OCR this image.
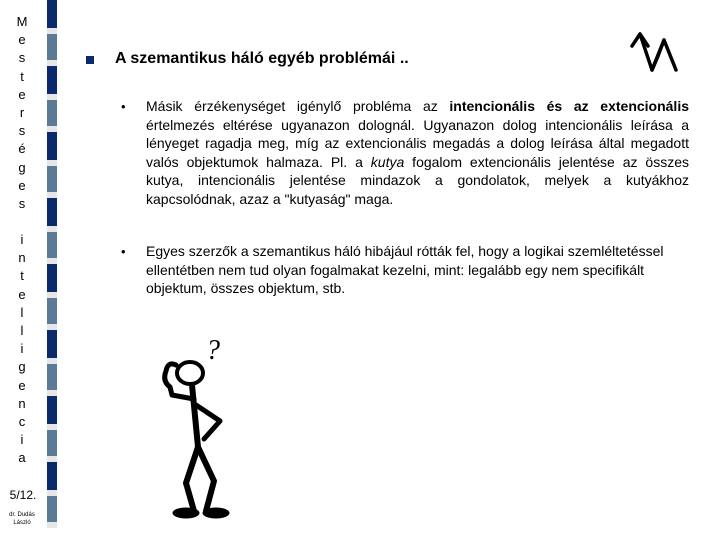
M
e
s
t
e
r
s
é
g
e
s
i
n
t
e
l
l
i
g
e
n
c
i
a
5/12.
dr. Dudás
László
A szemantikus háló egyéb problémái ..
• Másik érzékenységet igénylő probléma az intencionális és az extencionális értelmezés eltérése ugyanazon dolognál. Ugyanazon dolog intencionális leírása a lényeget ragadja meg, míg az extencionális megadás a dolog leírása által megadott valós objektumok halmaza. Pl. a kutya fogalom extencionális jelentése az összes kutya, intencionális jelentése mindazok a gondolatok, melyek a kutyákhoz kapcsolódnak, azaz a "kutyaság" maga.
• Egyes szerzők a szemantikus háló hibájául rótták fel, hogy a logikai szemléltetéssel ellentétben nem tud olyan fogalmakat kezelni, mint: legalább egy nem specifikált objektum, összes objektum, stb.
?
